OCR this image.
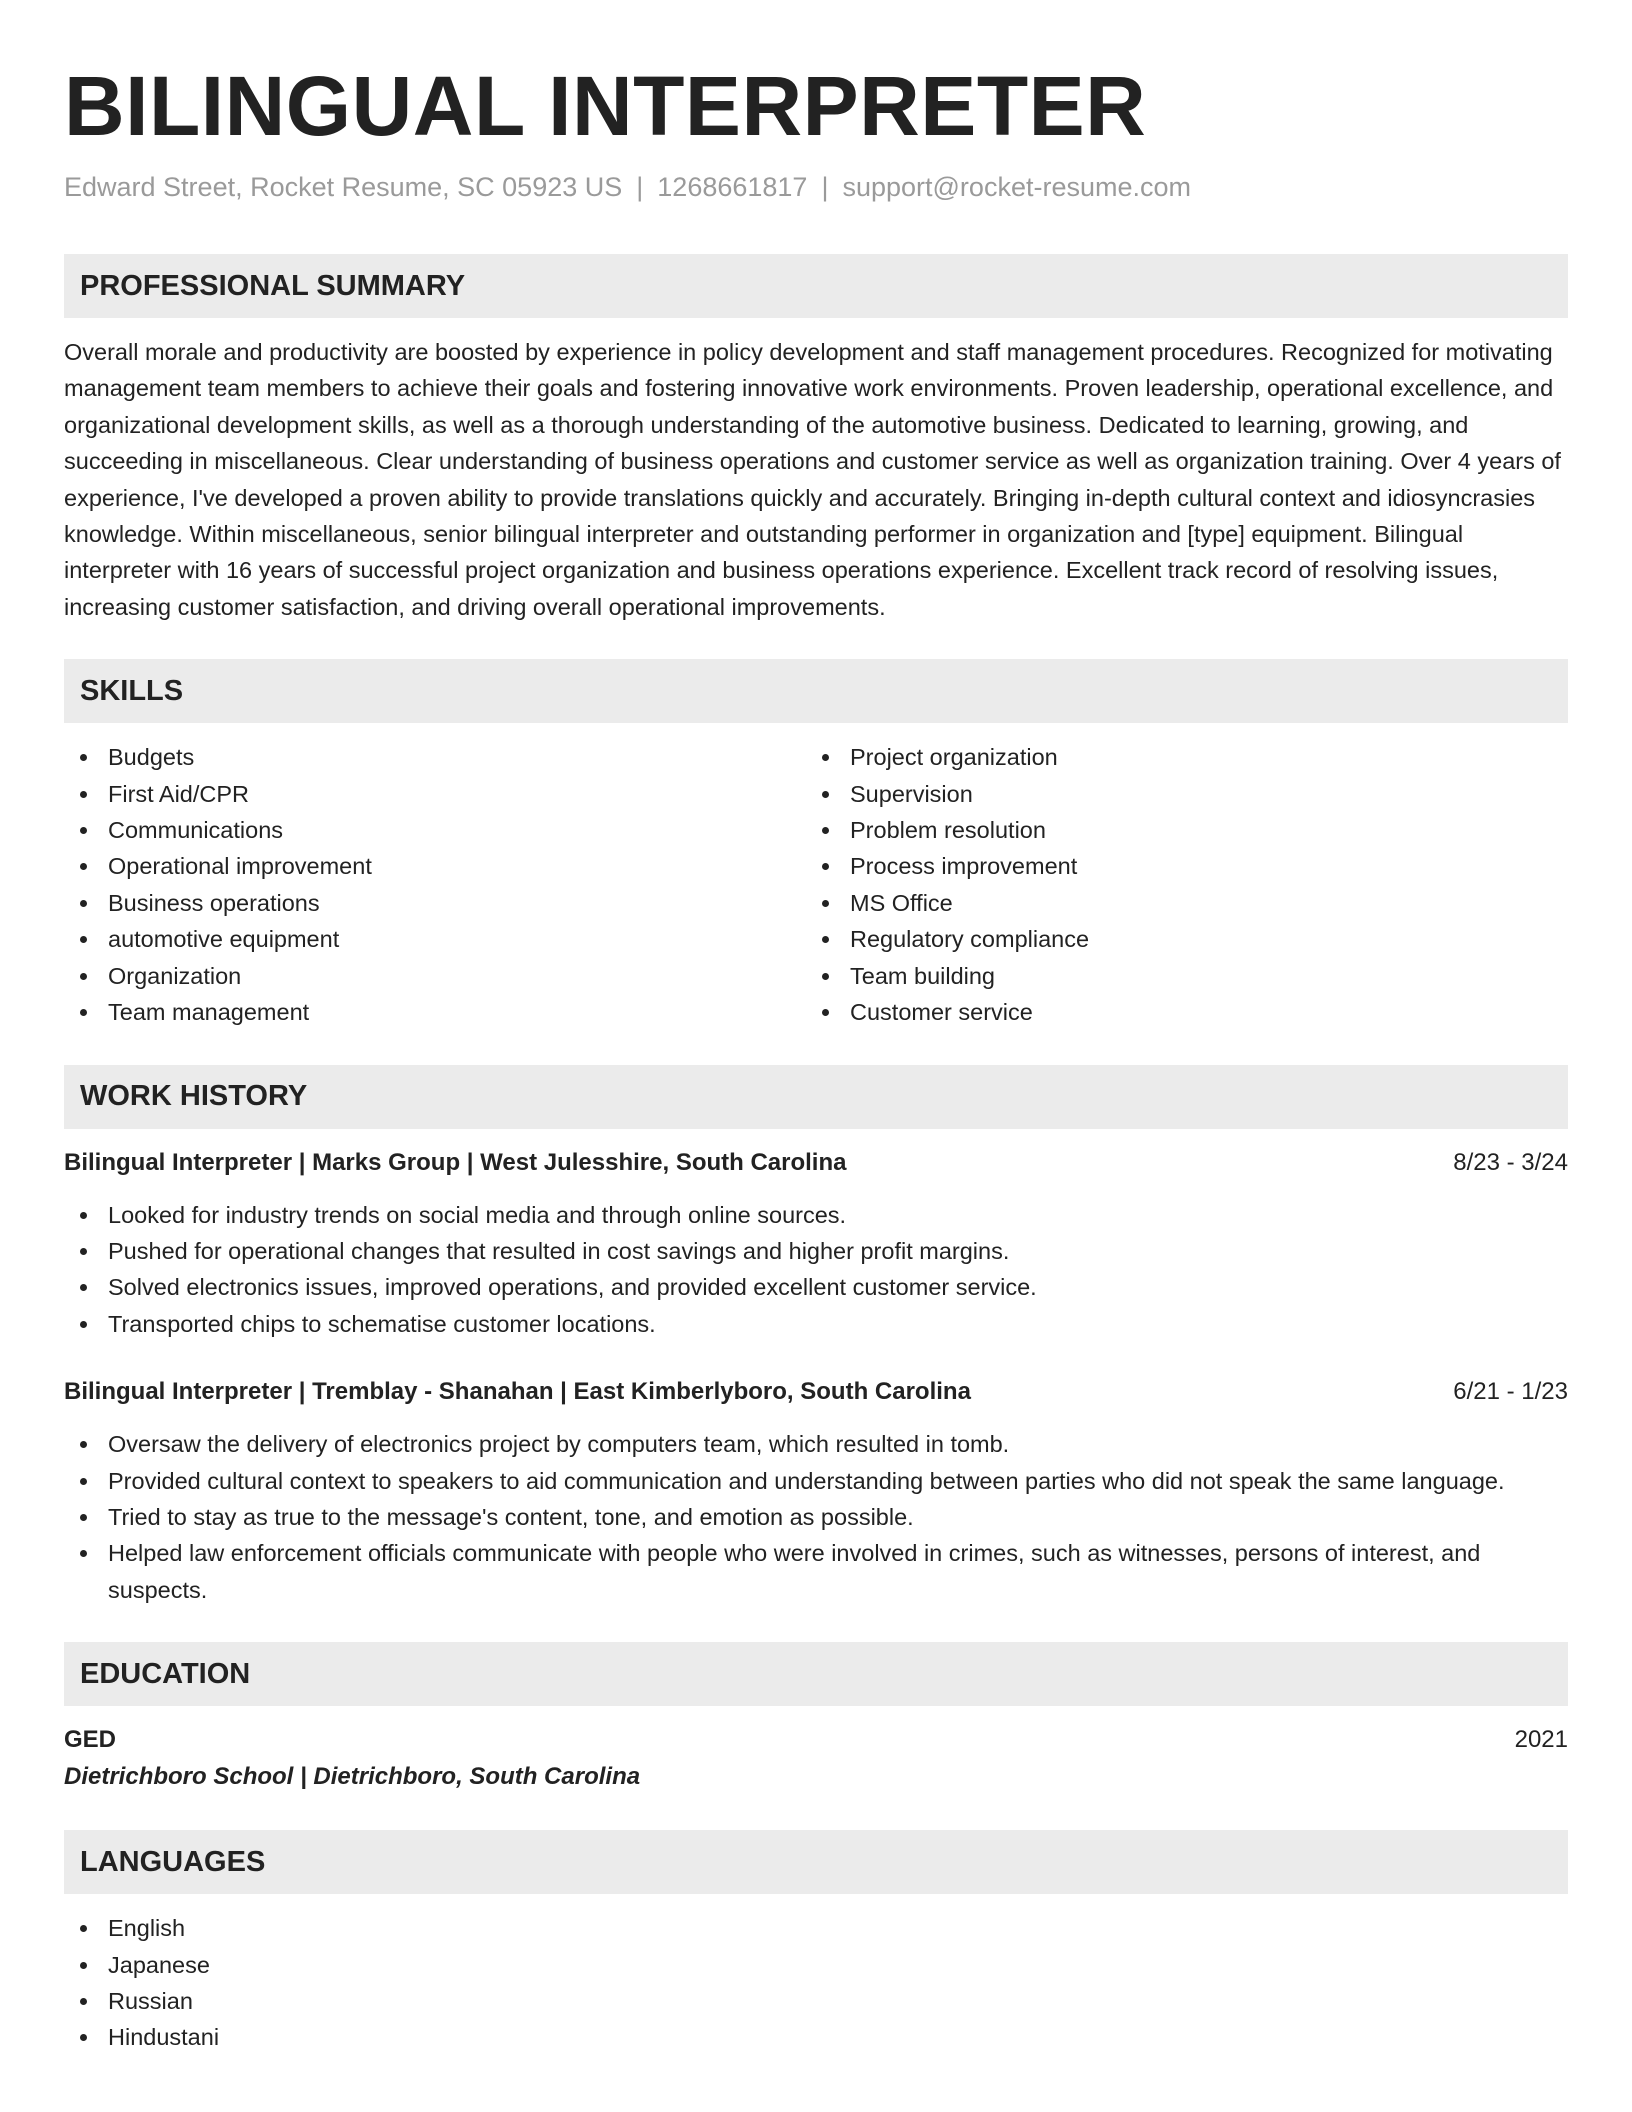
BILINGUAL INTERPRETER
Edward Street, Rocket Resume, SC 05923 US | 1268661817 | support@rocket-resume.com
PROFESSIONAL SUMMARY

Overall morale and productivity are boosted by experience in policy development and staff management procedures. Recognized for motivating management team members to achieve their goals and fostering innovative work environments. Proven leadership, operational excellence, and organizational development skills, as well as a thorough understanding of the automotive business. Dedicated to learning, growing, and succeeding in miscellaneous. Clear understanding of business operations and customer service as well as organization training. Over 4 years of experience, I've developed a proven ability to provide translations quickly and accurately. Bringing in-depth cultural context and idiosyncrasies knowledge. Within miscellaneous, senior bilingual interpreter and outstanding performer in organization and [type] equipment. Bilingual interpreter with 16 years of successful project organization and business operations experience. Excellent track record of resolving issues, increasing customer satisfaction, and driving overall operational improvements.

SKILLS
Budgets
First Aid/CPR
Communications
Operational improvement
Business operations
automotive equipment
Organization
Team management
Project organization
Supervision
Problem resolution
Process improvement
MS Office
Regulatory compliance
Team building
Customer service
WORK HISTORY
Bilingual Interpreter | Marks Group | West Julesshire, South Carolina	8/23 - 3/24
Looked for industry trends on social media and through online sources.
Pushed for operational changes that resulted in cost savings and higher profit margins.
Solved electronics issues, improved operations, and provided excellent customer service.
Transported chips to schematise customer locations.
Bilingual Interpreter | Tremblay - Shanahan | East Kimberlyboro, South Carolina	6/21 - 1/23
Oversaw the delivery of electronics project by computers team, which resulted in tomb.
Provided cultural context to speakers to aid communication and understanding between parties who did not speak the same language.
Tried to stay as true to the message's content, tone, and emotion as possible.
Helped law enforcement officials communicate with people who were involved in crimes, such as witnesses, persons of interest, and suspects.
EDUCATION
GED	2021
Dietrichboro School | Dietrichboro, South Carolina
LANGUAGES
English
Japanese
Russian
Hindustani
